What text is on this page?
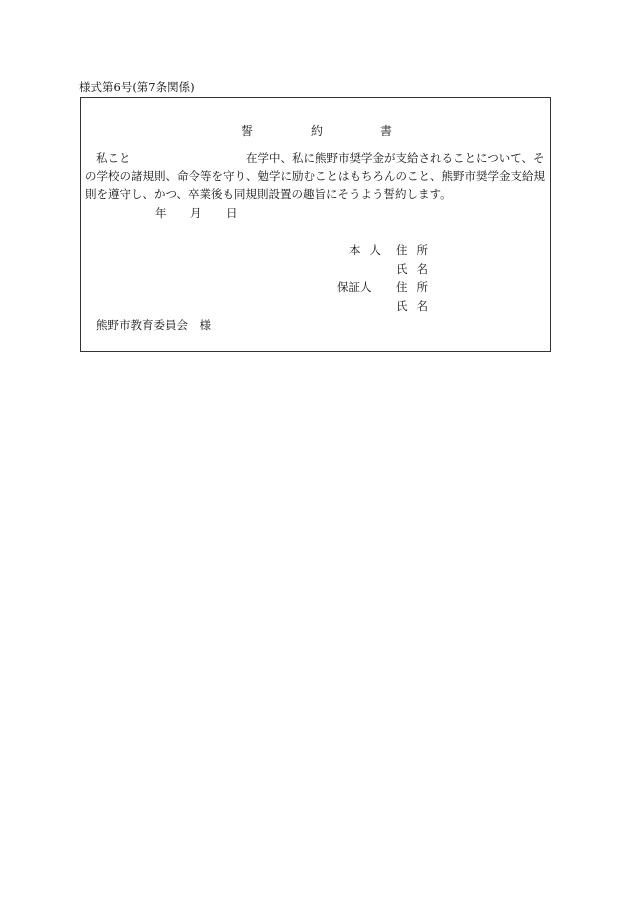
様式第6号(第7条関係)
誓	約	書
私こと	在学中、私に熊野市奨学金が支給されることについて、そ
の学校の諸規則、命令等を守り、勉学に励むことはもちろんのこと、熊野市奨学金支給規
則を遵守し、かつ、卒業後も同規則設置の趣旨にそうよう誓約します。
年 月 日
本人 住所
氏名
保証人 住所
氏名
熊野市教育委員会　様
